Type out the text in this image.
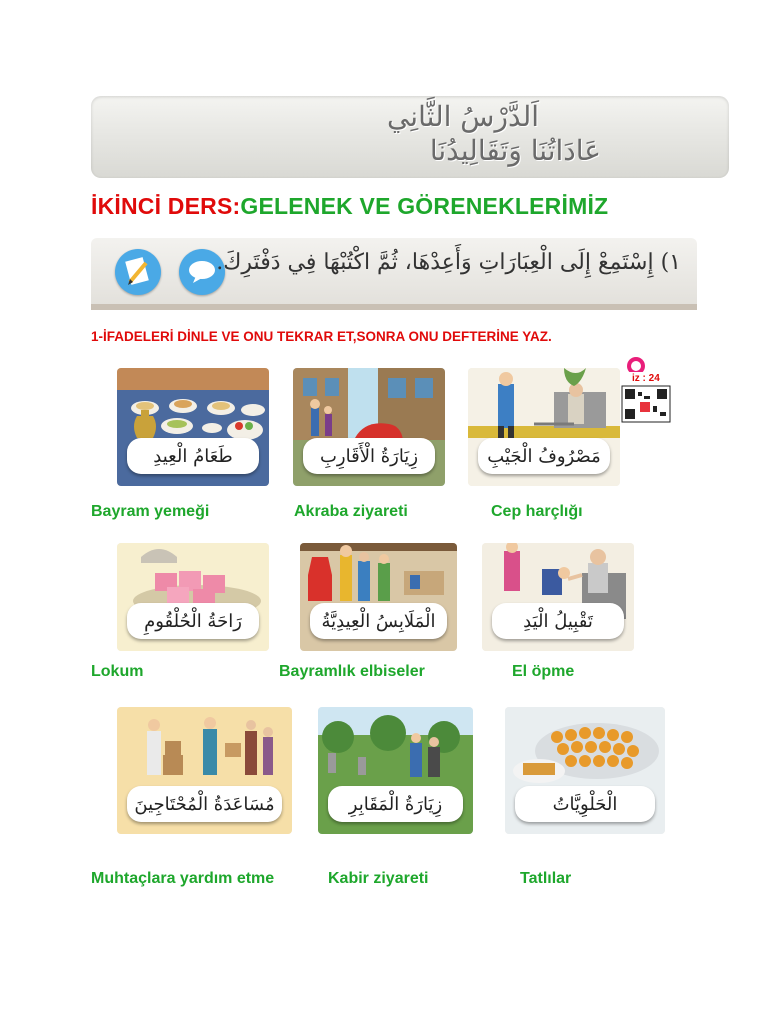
اَلدَّرْسُ الثَّانِي
عَادَاتُنَا وَتَقَالِيدُنَا
İKİNCİ DERS:GELENEK VE GÖRENEKLERİMİZ
١) إِسْتَمِعْ إِلَى الْعِبَارَاتِ وَأَعِدْهَا، ثُمَّ اكْتُبْهَا فِي دَفْتَرِكَ.
1-İFADELERİ DİNLE VE ONU TEKRAR ET,SONRA ONU DEFTERİNE YAZ.
iz : 24
طَعَامُ الْعِيدِ	زِيَارَةُ الْأَقَارِبِ	مَصْرُوفُ الْجَيْبِ
Bayram yemeği	Akraba ziyareti	Cep harçlığı
رَاحَةُ الْحُلْقُومِ	الْمَلَابِسُ الْعِيدِيَّةُ	تَقْبِيلُ الْيَدِ
Lokum	Bayramlık elbiseler	El öpme
مُسَاعَدَةُ الْمُحْتَاجِينَ	زِيَارَةُ الْمَقَابِرِ	الْحَلْوِيَّاتُ
Muhtaçlara yardım etme	Kabir ziyareti	Tatlılar
